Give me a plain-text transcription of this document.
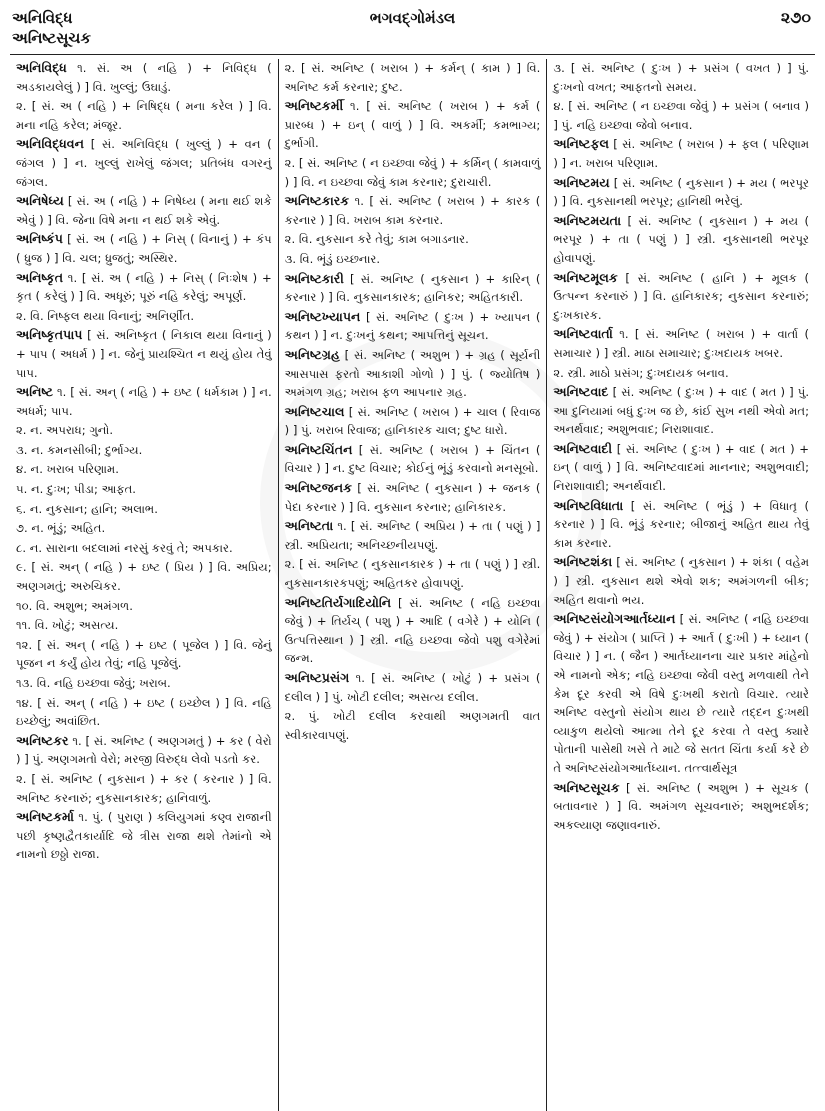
અનિવિદ્ધ
અનિષ્ટસૂચક
ભગવદ્ગોમંડલ	૨૭૦

અનિવિદ્ધ ૧. સં. અ ( નહિ ) + નિવિદ્ધ ( અડકાયલેલું ) ] વિ. ખુલ્લું; ઉઘાડું.

૨. [ સં. અ ( નહિ ) + નિષિદ્ધ ( મના કરેલ ) ] વિ. મના નહિ કરેલ; મંજૂર.

અનિવિદ્ધવન [ સં. અનિવિદ્ધ ( ખુલ્લું ) + વન ( જંગલ ) ] ન. ખુલ્લું રાખેલું જંગલ; પ્રતિબંધ વગરનું જંગલ.

અનિષેધ્ય [ સં. અ ( નહિ ) + નિષેધ્ય ( મના થઈ શકે એવું ) ] વિ. જેના વિષે મના ન થઈ શકે એવું.

અનિષ્કંપ [ સં. અ ( નહિ ) + નિસ્ ( વિનાનું ) + કંપ ( ધ્રુજ ) ] વિ. ચલ; ધ્રુજતું; અસ્થિર.

અનિષ્કૃત ૧. [ સં. અ ( નહિ ) + નિસ્ ( નિઃશેષ ) + કૃત ( કરેલું ) ] વિ. અધૂરું; પૂરું નહિ કરેલું; અપૂર્ણ.

૨. વિ. નિષ્ફલ થયા વિનાનું; અનિર્ણીત.

અનિષ્કૃતપાપ [ સં. અનિષ્કૃત ( નિકાલ થયા વિનાનું ) + પાપ ( અધર્મ ) ] ન. જેનું પ્રાયશ્ચિત ન થયું હોય તેવું પાપ.

અનિષ્ટ ૧. [ સં. અન્ ( નહિ ) + ઇષ્ટ ( ધર્મકામ ) ] ન. અધર્મ; પાપ.

૨. ન. અપરાધ; ગુનો.

૩. ન. કમનસીબી; દુર્ભાગ્ય.

૪. ન. ખરાબ પરિણામ.

૫. ન. દુઃખ; પીડા; આફત.

૬. ન. નુકસાન; હાનિ; અલાભ.

૭. ન. ભૂંડું; અહિત.

૮. ન. સારાના બદલામાં નરસું કરવું તે; અપકાર.

૯. [ સં. અન્ ( નહિ ) + ઇષ્ટ ( પ્રિય ) ] વિ. અપ્રિય; અણગમતું; અરુચિકર.

૧૦. વિ. અશુભ; અમંગળ.

૧૧. વિ. ખોટું; અસત્ય.

૧૨. [ સં. અન્ ( નહિ ) + ઇષ્ટ ( પૂજેલ ) ] વિ. જેનું પૂજન ન કર્યું હોય તેવું; નહિ પૂજેલું.

૧૩. વિ. નહિ ઇચ્છવા જેવું; ખરાબ.

૧૪. [ સં. અન્ ( નહિ ) + ઇષ્ટ ( ઇચ્છેલ ) ] વિ. નહિ ઇચ્છેલું; અવાંછિત.

અનિષ્ટકર ૧. [ સં. અનિષ્ટ ( અણગમતું ) + કર ( વેરો ) ] પું. અણગમતો વેરો; મરજી વિરુદ્ધ લેવો પડતો કર.

૨. [ સં. અનિષ્ટ ( નુકસાન ) + કર ( કરનાર ) ] વિ. અનિષ્ટ કરનારું; નુકસાનકારક; હાનિવાળું.

અનિષ્ટકર્મા ૧. પું. ( પુરાણ ) કલિયુગમાં કણ્વ રાજાની પછી કૃષ્ણદ્વૈતકાર્યાદિ જે ત્રીસ રાજા થશે તેમાંનો એ નામનો છઠ્ઠો રાજા.

૨. [ સં. અનિષ્ટ ( ખરાબ ) + કર્મન્ ( કામ ) ] વિ. અનિષ્ટ કર્મ કરનાર; દુષ્ટ.

અનિષ્ટકર્મી ૧. [ સં. અનિષ્ટ ( ખરાબ ) + કર્મ ( પ્રારબ્ધ ) + ઇન્ ( વાળું ) ] વિ. અકર્મી; કમભાગ્ય; દુર્ભાગી.

૨. [ સં. અનિષ્ટ ( ન ઇચ્છવા જેવું ) + કર્મિન્ ( કામવાળું ) ] વિ. ન ઇચ્છવા જેવું કામ કરનાર; દુરાચારી.

અનિષ્ટકારક ૧. [ સં. અનિષ્ટ ( ખરાબ ) + કારક ( કરનાર ) ] વિ. ખરાબ કામ કરનાર.

૨. વિ. નુકસાન કરે તેવું; કામ બગાડનાર.

૩. વિ. ભૂંડું ઇચ્છનાર.

અનિષ્ટકારી [ સં. અનિષ્ટ ( નુકસાન ) + કારિન્ ( કરનાર ) ] વિ. નુકસાનકારક; હાનિકર; અહિતકારી.

અનિષ્ટખ્યાપન [ સં. અનિષ્ટ ( દુઃખ ) + ખ્યાપન ( કથન ) ] ન. દુઃખનું કથન; આપત્તિનું સૂચન.

અનિષ્ટગ્રહ [ સં. અનિષ્ટ ( અશુભ ) + ગ્રહ ( સૂર્યની આસપાસ ફરતો આકાશી ગોળો ) ] પું. ( જ્યોતિષ ) અમંગળ ગ્રહ; ખરાબ ફળ આપનાર ગ્રહ.

અનિષ્ટચાલ [ સં. અનિષ્ટ ( ખરાબ ) + ચાલ ( રિવાજ ) ] પું. ખરાબ રિવાજ; હાનિકારક ચાલ; દુષ્ટ ધારો.

અનિષ્ટચિંતન [ સં. અનિષ્ટ ( ખરાબ ) + ચિંતન ( વિચાર ) ] ન. દુષ્ટ વિચાર; કોઈનું ભૂંડું કરવાનો મનસૂબો.

અનિષ્ટજનક [ સં. અનિષ્ટ ( નુકસાન ) + જનક ( પેદા કરનાર ) ] વિ. નુકસાન કરનાર; હાનિકારક.

અનિષ્ટતા ૧. [ સં. અનિષ્ટ ( અપ્રિય ) + તા ( પણું ) ] સ્ત્રી. અપ્રિયતા; અનિચ્છનીયપણું.

૨. [ સં. અનિષ્ટ ( નુકસાનકારક ) + તા ( પણું ) ] સ્ત્રી. નુકસાનકારકપણું; અહિતકર હોવાપણું.

અનિષ્ટતિર્યગાદિયોનિ [ સં. અનિષ્ટ ( નહિ ઇચ્છવા જેવું ) + તિર્યચ્ ( પશુ ) + આદિ ( વગેરે ) + યોનિ ( ઉત્પત્તિસ્થાન ) ] સ્ત્રી. નહિ ઇચ્છવા જેવો પશુ વગેરેમાં જન્મ.

અનિષ્ટપ્રસંગ ૧. [ સં. અનિષ્ટ ( ખોટું ) + પ્રસંગ ( દલીલ ) ] પું. ખોટી દલીલ; અસત્ય દલીલ.

૨. પું. ખોટી દલીલ કરવાથી અણગમતી વાત સ્વીકારવાપણું.

૩. [ સં. અનિષ્ટ ( દુઃખ ) + પ્રસંગ ( વખત ) ] પું. દુઃખનો વખત; આફતનો સમય.

૪. [ સં. અનિષ્ટ ( ન ઇચ્છવા જેવું ) + પ્રસંગ ( બનાવ ) ] પું. નહિ ઇચ્છવા જેવો બનાવ.

અનિષ્ટફલ [ સં. અનિષ્ટ ( ખરાબ ) + ફલ ( પરિણામ ) ] ન. ખરાબ પરિણામ.

અનિષ્ટમય [ સં. અનિષ્ટ ( નુકસાન ) + મય ( ભરપૂર ) ] વિ. નુકસાનથી ભરપૂર; હાનિથી ભરેલું.

અનિષ્ટમયતા [ સં. અનિષ્ટ ( નુકસાન ) + મય ( ભરપૂર ) + તા ( પણું ) ] સ્ત્રી. નુકસાનથી ભરપૂર હોવાપણું.

અનિષ્ટમૂલક [ સં. અનિષ્ટ ( હાનિ ) + મૂલક ( ઉત્પન્ન કરનારું ) ] વિ. હાનિકારક; નુકસાન કરનારું; દુઃખકારક.

અનિષ્ટવાર્તા ૧. [ સં. અનિષ્ટ ( ખરાબ ) + વાર્તા ( સમાચાર ) ] સ્ત્રી. માઠા સમાચાર; દુઃખદાયક ખબર.

૨. સ્ત્રી. માઠો પ્રસંગ; દુઃખદાયક બનાવ.

અનિષ્ટવાદ [ સં. અનિષ્ટ ( દુઃખ ) + વાદ ( મત ) ] પું. આ દુનિયામાં બધું દુઃખ જ છે, કાંઈ સુખ નથી એવો મત; અનર્થવાદ; અશુભવાદ; નિરાશાવાદ.

અનિષ્ટવાદી [ સં. અનિષ્ટ ( દુઃખ ) + વાદ ( મત ) + ઇન્ ( વાળું ) ] વિ. અનિષ્ટવાદમાં માનનાર; અશુભવાદી; નિરાશાવાદી; અનર્થવાદી.

અનિષ્ટવિધાતા [ સં. અનિષ્ટ ( ભૂંડું ) + વિધાતૃ ( કરનાર ) ] વિ. ભૂંડું કરનાર; બીજાનું અહિત થાય તેવું કામ કરનાર.

અનિષ્ટશંકા [ સં. અનિષ્ટ ( નુકસાન ) + શંકા ( વહેમ ) ] સ્ત્રી. નુકસાન થશે એવો શક; અમંગળની બીક; અહિત થવાનો ભય.

અનિષ્ટસંયોગઆર્તધ્યાન [ સં. અનિષ્ટ ( નહિ ઇચ્છવા જેવું ) + સંયોગ ( પ્રાપ્તિ ) + આર્ત ( દુઃખી ) + ધ્યાન ( વિચાર ) ] ન. ( જૈન ) આર્તધ્યાનના ચાર પ્રકાર માંહેનો એ નામનો એક; નહિ ઇચ્છવા જેવી વસ્તુ મળવાથી તેને કેમ દૂર કરવી એ વિષે દુઃખથી કરાતો વિચાર. ત્યારે અનિષ્ટ વસ્તુનો સંયોગ થાય છે ત્યારે તદ્દન દુઃખથી વ્યાકુળ થયેલો આત્મા તેને દૂર કરવા તે વસ્તુ ક્યારે પોતાની પાસેથી ખસે તે માટે જે સતત ચિંતા કર્યા કરે છે તે અનિષ્ટસંયોગઆર્તધ્યાન. તત્ત્વાર્થસૂત્ર

અનિષ્ટસૂચક [ સં. અનિષ્ટ ( અશુભ ) + સૂચક ( બતાવનાર ) ] વિ. અમંગળ સૂચવનારું; અશુભદર્શક; અકલ્યાણ જણાવનારું.
